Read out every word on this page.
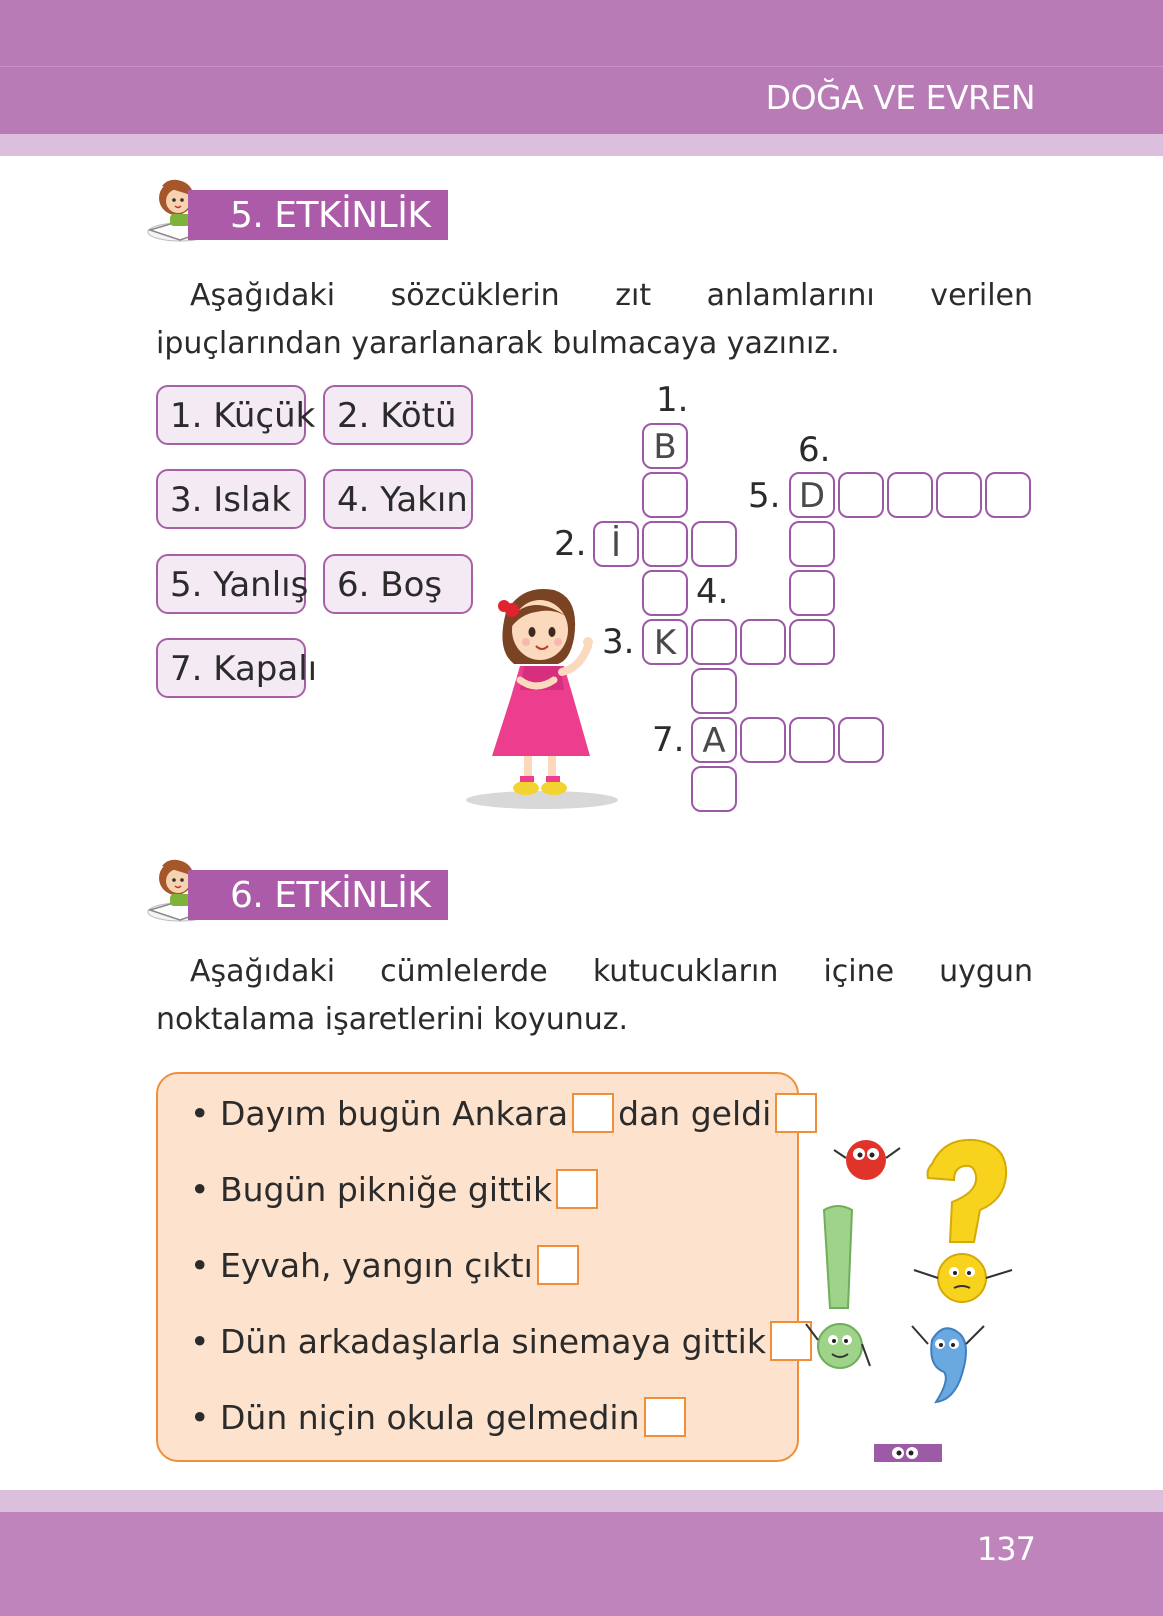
DOĞA VE EVREN
5. ETKİNLİK
Aşağıdaki sözcüklerin zıt anlamlarını verilen ipuçlarından yararlanarak bulmacaya yazınız.
1. Küçük 2. Kötü
3. Islak	4. Yakın
5. Yanlış 6. Boş
7. Kapalı
1.
6.
5.
2.
4.
3.
7.
B
K
İ
D
A
6. ETKİNLİK
Aşağıdaki cümlelerde kutucukların içine uygun noktalama işaretlerini koyunuz.
• Dayım bugün Ankara dan geldi
• Bugün pikniğe gittik
• Eyvah, yangın çıktı
• Dün arkadaşlarla sinemaya gittik
• Dün niçin okula gelmedin
137
